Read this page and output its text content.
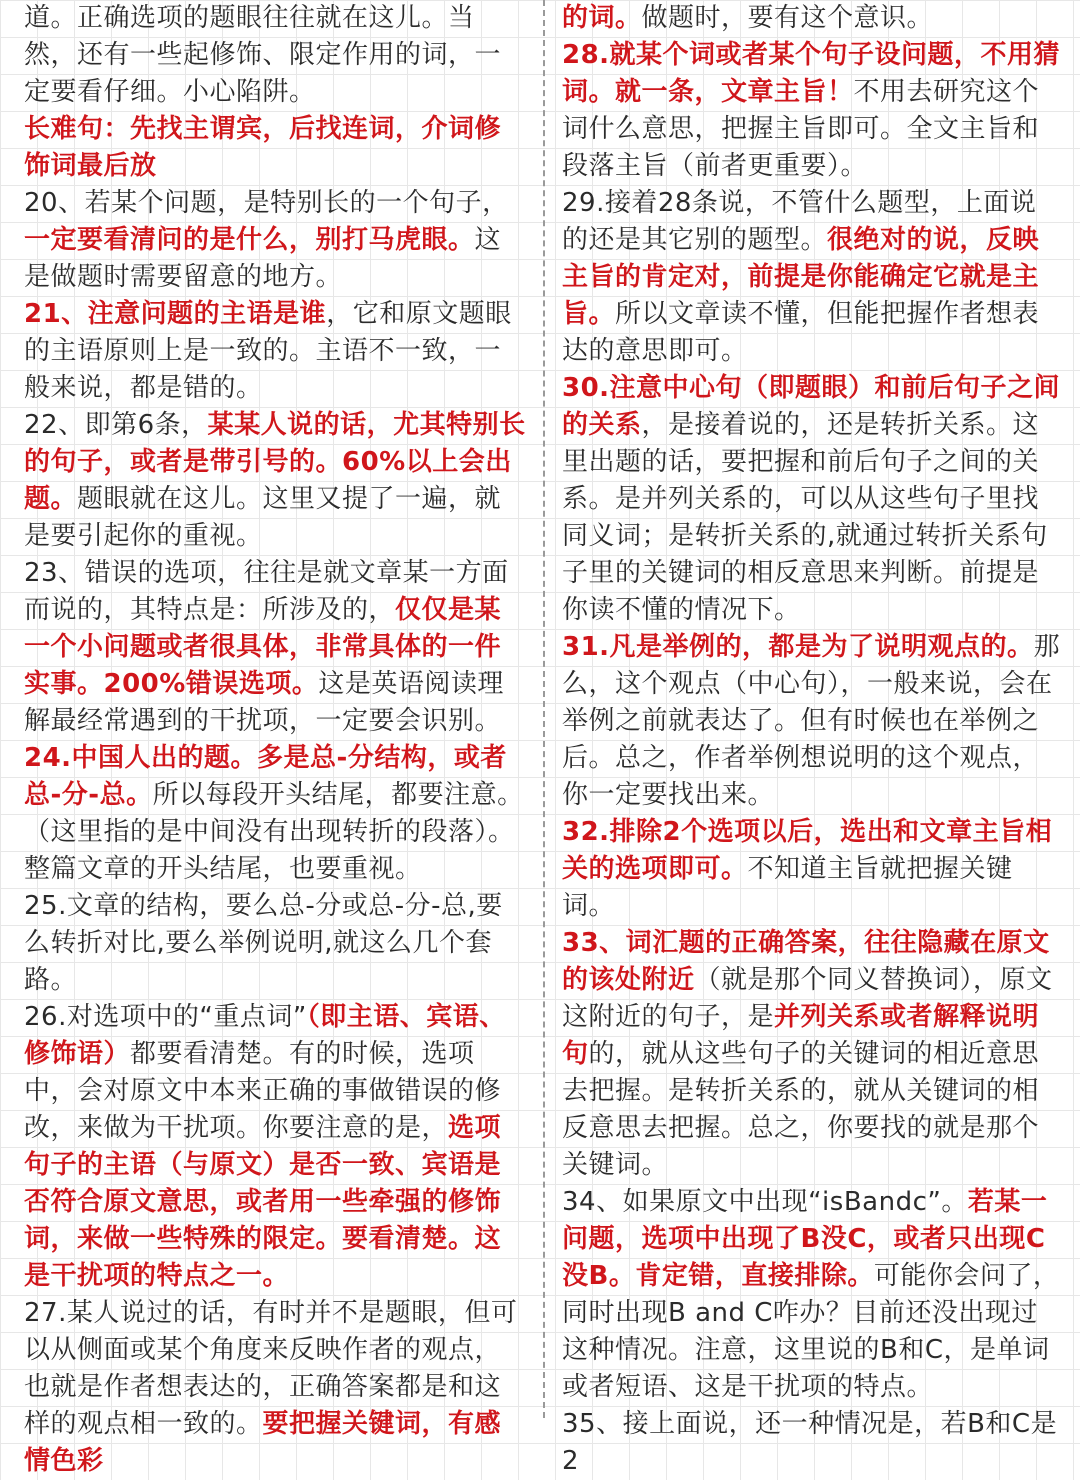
道。正确选项的题眼往往就在这儿。当然，还有一些起修饰、限定作用的词，一定要看仔细。小心陷阱。
长难句：先找主谓宾，后找连词，介词修饰词最后放
20、若某个问题，是特别长的一个句子，一定要看清问的是什么，别打马虎眼。这是做题时需要留意的地方。
21、注意问题的主语是谁，它和原文题眼的主语原则上是一致的。主语不一致，一般来说，都是错的。
22、即第6条，某某人说的话，尤其特别长的句子，或者是带引号的。60%以上会出题。题眼就在这儿。这里又提了一遍，就是要引起你的重视。
23、错误的选项，往往是就文章某一方面而说的，其特点是：所涉及的，仅仅是某一个小问题或者很具体，非常具体的一件实事。200%错误选项。这是英语阅读理解最经常遇到的干扰项，一定要会识别。
24.中国人出的题。多是总-分结构，或者总-分-总。所以每段开头结尾，都要注意。（这里指的是中间没有出现转折的段落）。整篇文章的开头结尾，也要重视。
25.文章的结构，要么总-分或总-分-总,要么转折对比,要么举例说明,就这么几个套路。
26.对选项中的“重点词”（即主语、宾语、修饰语）都要看清楚。有的时候，选项中，会对原文中本来正确的事做错误的修改，来做为干扰项。你要注意的是，选项句子的主语（与原文）是否一致、宾语是否符合原文意思，或者用一些牵强的修饰词，来做一些特殊的限定。要看清楚。这是干扰项的特点之一。
27.某人说过的话，有时并不是题眼，但可以从侧面或某个角度来反映作者的观点，也就是作者想表达的，正确答案都是和这样的观点相一致的。要把握关键词，有感情色彩
的词。做题时，要有这个意识。
28.就某个词或者某个句子设问题，不用猜词。就一条，文章主旨！不用去研究这个词什么意思，把握主旨即可。全文主旨和段落主旨（前者更重要）。
29.接着28条说，不管什么题型，上面说的还是其它别的题型。很绝对的说，反映主旨的肯定对，前提是你能确定它就是主旨。所以文章读不懂，但能把握作者想表达的意思即可。
30.注意中心句（即题眼）和前后句子之间的关系，是接着说的，还是转折关系。这里出题的话，要把握和前后句子之间的关系。是并列关系的，可以从这些句子里找同义词；是转折关系的,就通过转折关系句子里的关键词的相反意思来判断。前提是你读不懂的情况下。
31.凡是举例的，都是为了说明观点的。那么，这个观点（中心句），一般来说，会在举例之前就表达了。但有时候也在举例之后。总之，作者举例想说明的这个观点，你一定要找出来。
32.排除2个选项以后，选出和文章主旨相关的选项即可。不知道主旨就把握关键词。
33、词汇题的正确答案，往往隐藏在原文的该处附近（就是那个同义替换词），原文这附近的句子，是并列关系或者解释说明句的，就从这些句子的关键词的相近意思去把握。是转折关系的，就从关键词的相反意思去把握。总之，你要找的就是那个关键词。
34、如果原文中出现“isBandc”。若某一问题，选项中出现了B没C，或者只出现C没B。肯定错，直接排除。可能你会问了，同时出现B and C咋办？目前还没出现过这种情况。注意，这里说的B和C，是单词或者短语、这是干扰项的特点。
35、接上面说，还一种情况是，若B和C是2
